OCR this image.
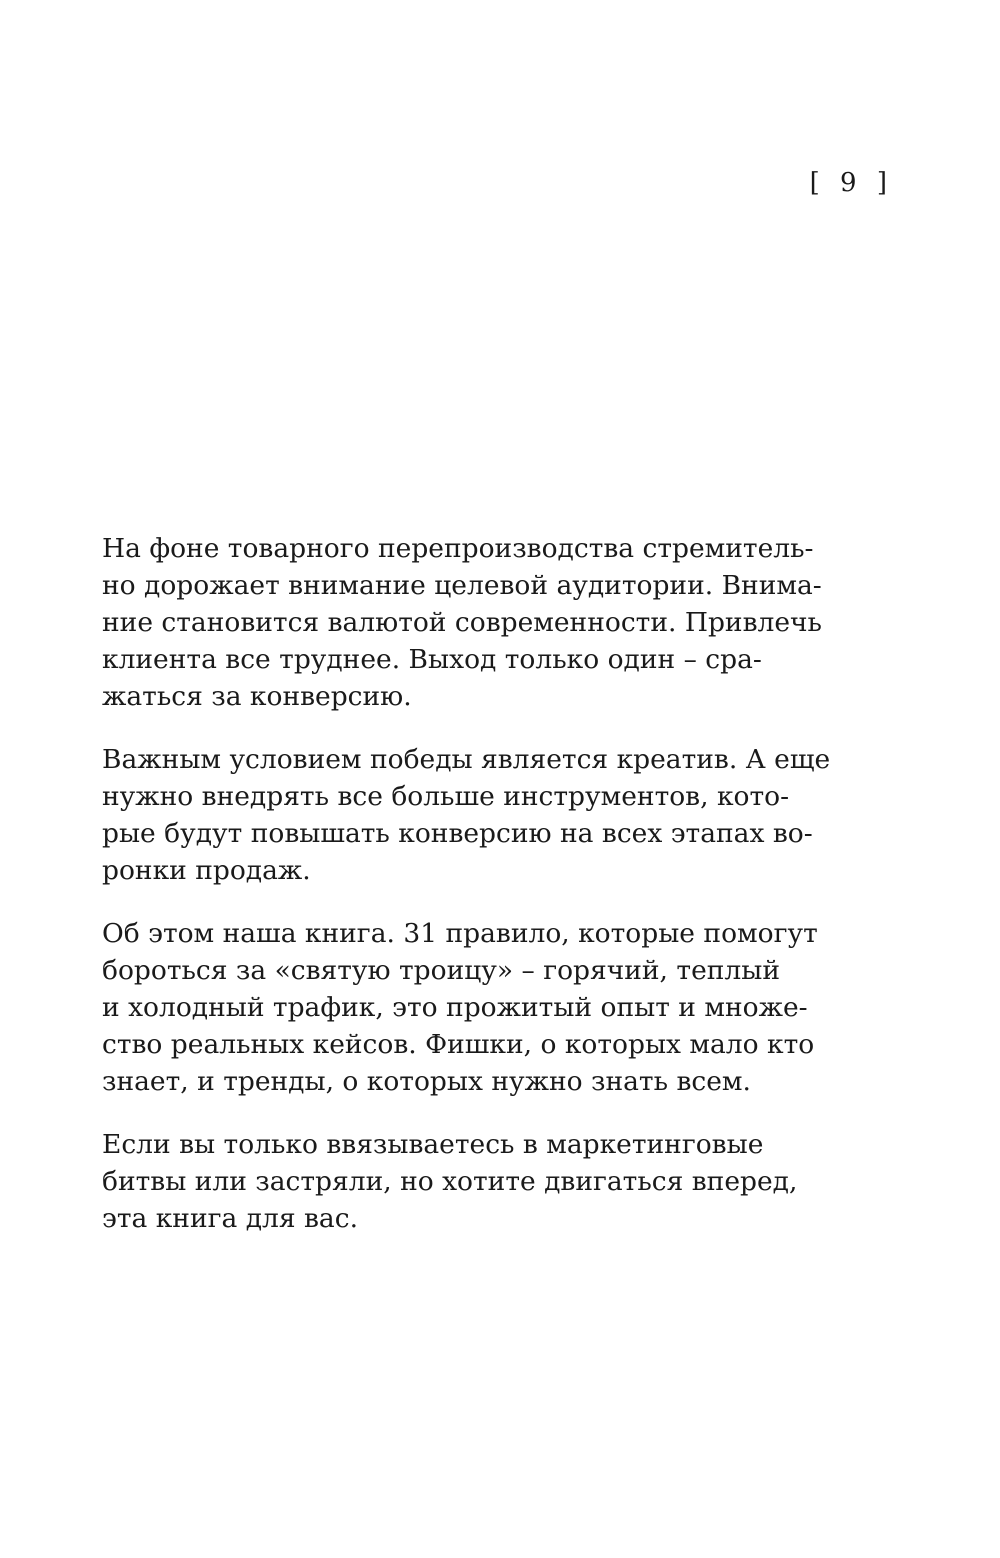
[ 9 ]

На фоне товарного перепроизводства стремитель-
но дорожает внимание целевой аудитории. Внима-
ние становится валютой современности. Привлечь
клиента все труднее. Выход только один – сра-
жаться за конверсию.

Важным условием победы является креатив. А еще
нужно внедрять все больше инструментов, кото-
рые будут повышать конверсию на всех этапах во-
ронки продаж.

Об этом наша книга. 31 правило, которые помогут
бороться за «святую троицу» – горячий, теплый
и холодный трафик, это прожитый опыт и множе-
ство реальных кейсов. Фишки, о которых мало кто
знает, и тренды, о которых нужно знать всем.

Если вы только ввязываетесь в маркетинговые
битвы или застряли, но хотите двигаться вперед,
эта книга для вас.
